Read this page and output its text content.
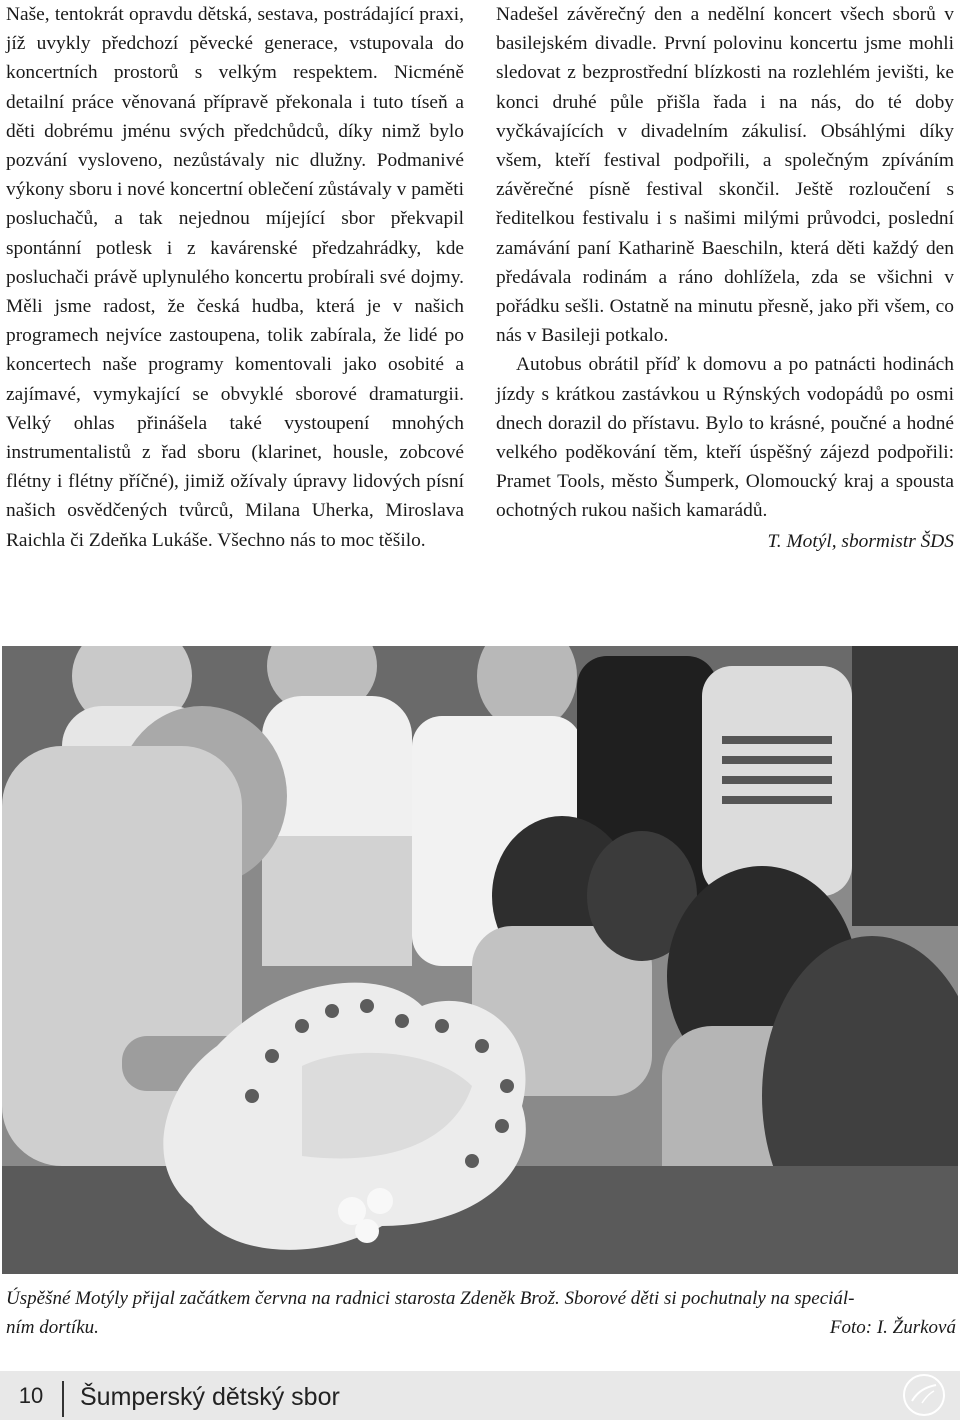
Naše, tentokrát opravdu dětská, sestava, postrádající praxi, jíž uvykly předchozí pěvecké generace, vstupovala do koncertních prostorů s velkým respektem. Nicméně detailní práce věnovaná přípravě překonala i tuto tíseň a děti dobrému jménu svých předchůdců, díky nimž bylo pozvání vysloveno, nezůstávaly nic dlužny. Podmanivé výkony sboru i nové koncertní oblečení zůstávaly v paměti posluchačů, a tak nejednou míjející sbor překvapil spontánní potlesk i z kavárenské předzahrádky, kde posluchači právě uplynulého koncertu probírali své dojmy. Měli jsme radost, že česká hudba, která je v našich programech nejvíce zastoupena, tolik zabírala, že lidé po koncertech naše programy komentovali jako osobité a zajímavé, vymykající se obvyklé sborové dramaturgii. Velký ohlas přinášela také vystoupení mnohých instrumentalistů z řad sboru (klarinet, housle, zobcové flétny i flétny příčné), jimiž ožívaly úpravy lidových písní našich osvědčených tvůrců, Milana Uherka, Miroslava Raichla či Zdeňka Lukáše. Všechno nás to moc těšilo.

Nadešel závěrečný den a nedělní koncert všech sborů v basilejském divadle. První polovinu koncertu jsme mohli sledovat z bezprostřední blízkosti na rozlehlém jevišti, ke konci druhé půle přišla řada i na nás, do té doby vyčkávajících v divadelním zákulisí. Obsáhlými díky všem, kteří festival podpořili, a společným zpíváním závěrečné písně festival skončil. Ještě rozloučení s ředitelkou festivalu i s našimi milými průvodci, poslední zamávání paní Katharině Baeschiln, která děti každý den předávala rodinám a ráno dohlížela, zda se všichni v pořádku sešli. Ostatně na minutu přesně, jako při všem, co nás v Basileji potkalo.

Autobus obrátil příď k domovu a po patnácti hodinách jízdy s krátkou zastávkou u Rýnských vodopádů po osmi dnech dorazil do přístavu. Bylo to krásné, poučné a hodné velkého poděkování těm, kteří úspěšný zájezd podpořili: Pramet Tools, město Šumperk, Olomoucký kraj a spousta ochotných rukou našich kamarádů.

T. Motýl, sbormistr ŠDS
Úspěšné Motýly přijal začátkem června na radnici starosta Zdeněk Brož. Sborové děti si pochutnaly na speciál-
ním dortíku.	Foto: I. Žurková
10	Šumperský dětský sbor
